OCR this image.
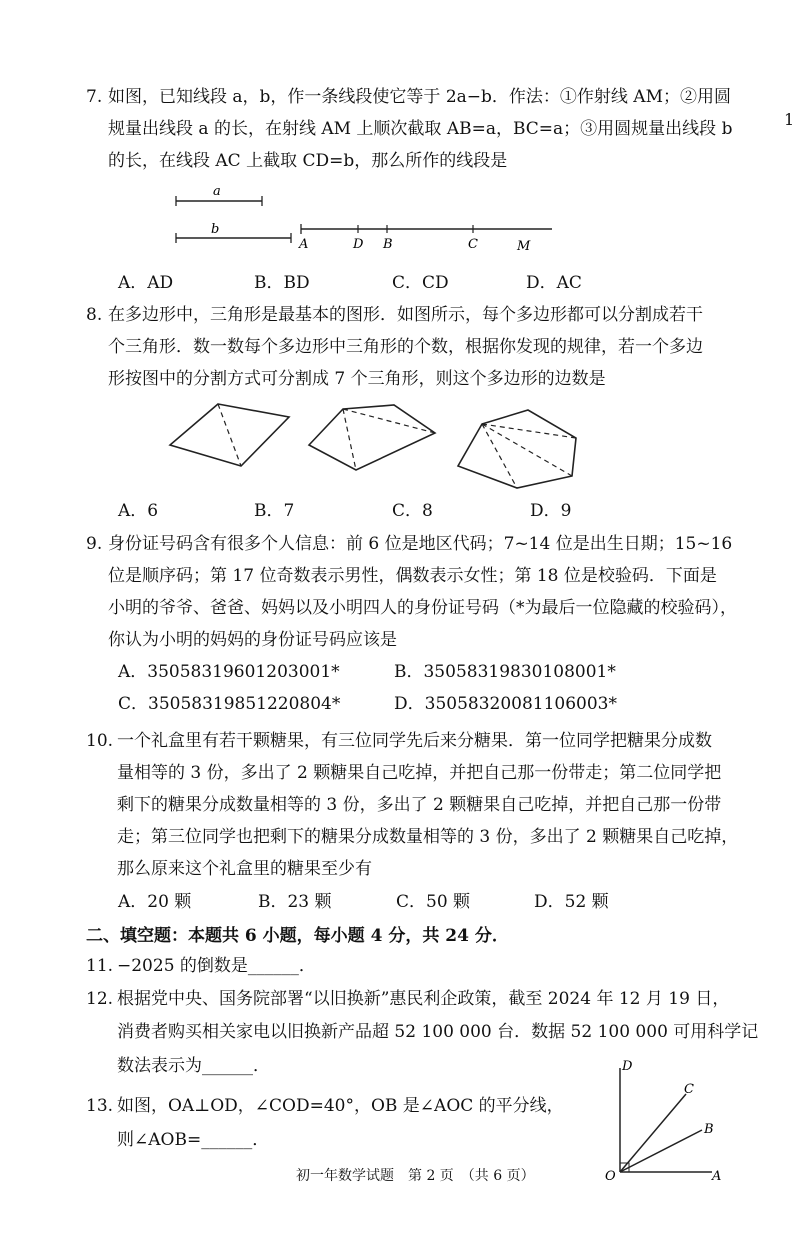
1
7. 如图，已知线段 a，b，作一条线段使它等于 2a−b．作法：①作射线 AM；②用圆
规量出线段 a 的长，在射线 AM 上顺次截取 AB=a，BC=a；③用圆规量出线段 b
的长，在线段 AC 上截取 CD=b，那么所作的线段是
a
b
A	D B	C	M
A．AD	B．BD	C．CD	D．AC
8. 在多边形中，三角形是最基本的图形．如图所示，每个多边形都可以分割成若干
个三角形．数一数每个多边形中三角形的个数，根据你发现的规律，若一个多边
形按图中的分割方式可分割成 7 个三角形，则这个多边形的边数是
A．6	B．7	C．8	D．9
9. 身份证号码含有很多个人信息：前 6 位是地区代码；7~14 位是出生日期；15~16
位是顺序码；第 17 位奇数表示男性，偶数表示女性；第 18 位是校验码．下面是
小明的爷爷、爸爸、妈妈以及小明四人的身份证号码（*为最后一位隐藏的校验码），
你认为小明的妈妈的身份证号码应该是
A．35058319601203001*	B．35058319830108001*
C．35058319851220804*	D．35058320081106003*
10. 一个礼盒里有若干颗糖果，有三位同学先后来分糖果．第一位同学把糖果分成数
量相等的 3 份，多出了 2 颗糖果自己吃掉，并把自己那一份带走；第二位同学把
剩下的糖果分成数量相等的 3 份，多出了 2 颗糖果自己吃掉，并把自己那一份带
走；第三位同学也把剩下的糖果分成数量相等的 3 份，多出了 2 颗糖果自己吃掉，
那么原来这个礼盒里的糖果至少有
A．20 颗	B．23 颗	C．50 颗	D．52 颗
二、填空题：本题共 6 小题，每小题 4 分，共 24 分．
11. −2025 的倒数是______．
12. 根据党中央、国务院部署“以旧换新”惠民利企政策，截至 2024 年 12 月 19 日，
消费者购买相关家电以旧换新产品超 52 100 000 台．数据 52 100 000 可用科学记
数法表示为______．
13. 如图，OA⊥OD，∠COD=40°，OB 是∠AOC 的平分线，
则∠AOB=______．
D
C
B
O	A
初一年数学试题　第 2 页　（共 6 页）
